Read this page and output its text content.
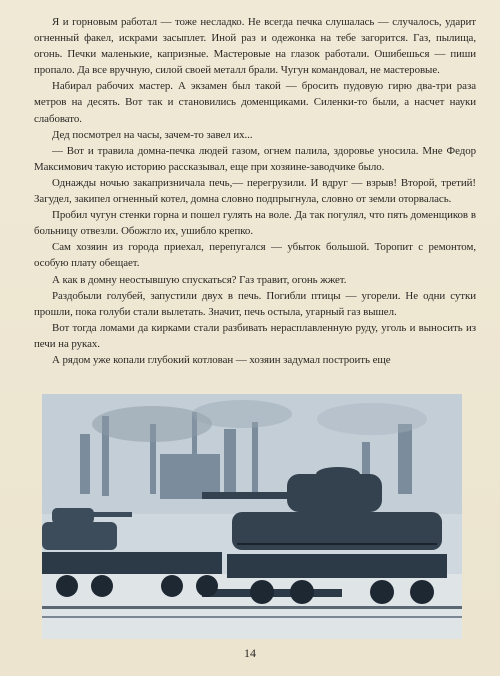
Я и горновым работал — тоже несладко. Не всегда печка слушалась — случалось, ударит огненный факел, искрами засыплет. Иной раз и одежонка на тебе загорится. Газ, пылища, огонь. Печки маленькие, капризные. Мастеровые на глазок работали. Ошибешься — пиши пропало. Да все вручную, силой своей металл брали. Чугун командовал, не мастеровые.

Набирал рабочих мастер. А экзамен был такой — бросить пудовую гирю два-три раза метров на десять. Вот так и становились доменщиками. Силенки-то были, а насчет науки слабовато.

Дед посмотрел на часы, зачем-то завел их...

— Вот и травила домна-печка людей газом, огнем палила, здоровье уносила. Мне Федор Максимович такую историю рассказывал, еще при хозяине-заводчике было.

Однажды ночью закапризничала печь,— перегрузили. И вдруг — взрыв! Второй, третий! Загудел, закипел огненный котел, домна словно подпрыгнула, словно от земли оторвалась.

Пробил чугун стенки горна и пошел гулять на воле. Да так погулял, что пять доменщиков в больницу отвезли. Обожгло их, ушибло крепко.

Сам хозяин из города приехал, перепугался — убыток большой. Торопит с ремонтом, особую плату обещает.

А как в домну неостывшую спускаться? Газ травит, огонь жжет.

Раздобыли голубей, запустили двух в печь. Погибли птицы — угорели. Не одни сутки прошли, пока голуби стали вылетать. Значит, печь остыла, угарный газ вышел.

Вот тогда ломами да кирками стали разбивать нерасплавленную руду, уголь и выносить из печи на руках.

А рядом уже копали глубокий котлован — хозяин задумал построить еще

14
